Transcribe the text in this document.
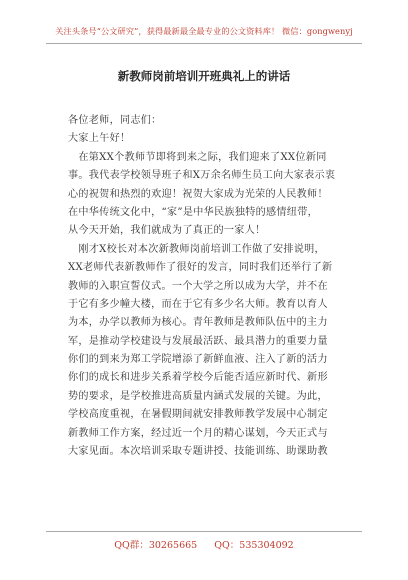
关注头条号“公文研究”，获得最新最全最专业的公文资料库！ 微信：gongwenyj
新教师岗前培训开班典礼上的讲话
各位老师，同志们：
大家上午好！
　在第XX个教师节即将到来之际，我们迎来了XX位新同
事。我代表学校领导班子和X万余名师生员工向大家表示衷
心的祝贺和热烈的欢迎！祝贺大家成为光荣的人民教师！
在中华传统文化中，“家”是中华民族独特的感情纽带，
从今天开始，我们就成为了真正的一家人！
　刚才X校长对本次新教师岗前培训工作做了安排说明，
XX老师代表新教师作了很好的发言，同时我们还举行了新
教师的入职宣誓仪式。一个大学之所以成为大学，并不在
于它有多少幢大楼，而在于它有多少名大师。教育以育人
为本，办学以教师为核心。青年教师是教师队伍中的主力
军，是推动学校建设与发展最活跃、最具潜力的重要力量
你们的到来为郑工学院增添了新鲜血液、注入了新的活力
你们的成长和进步关系着学校今后能否适应新时代、新形
势的要求，是学校推进高质量内涵式发展的关键。为此，
学校高度重视，在暑假期间就安排教师教学发展中心制定
新教师工作方案，经过近一个月的精心谋划，今天正式与
大家见面。本次培训采取专题讲授、技能训练、助课助教
QQ群：30265665 QQ：535304092
